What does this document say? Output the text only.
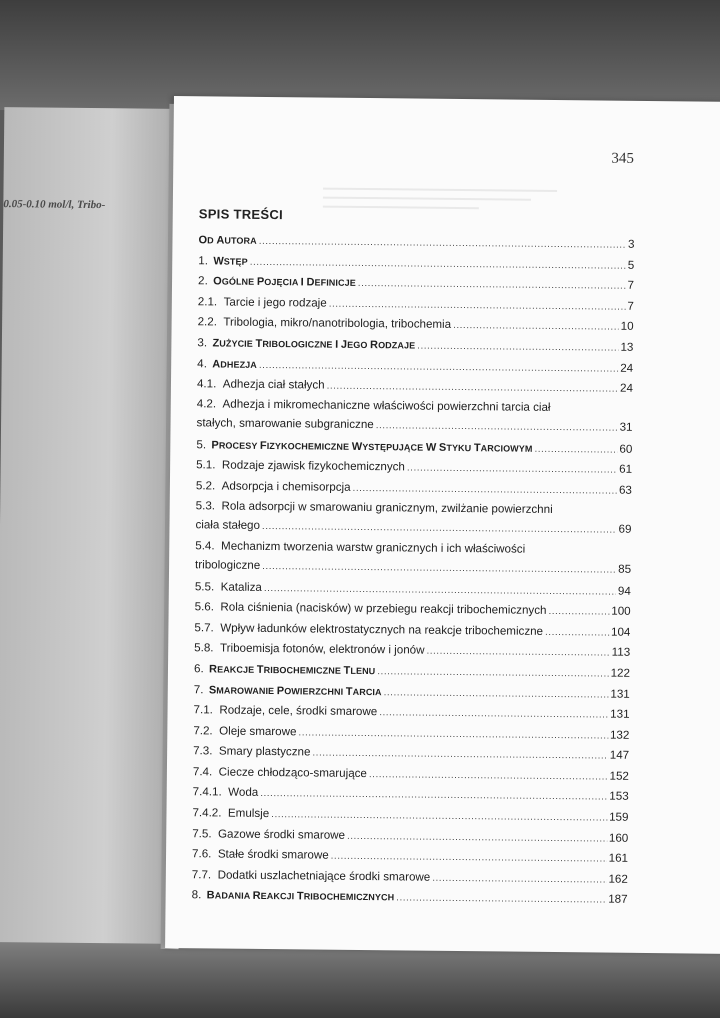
0.05-0.10 mol/l, Tribo-
345
SPIS TREŚCI
OD AUTORA .....	3
1. WSTĘP .....	5
2. OGÓLNE POJĘCIA I DEFINICJE .....	7
2.1. Tarcie i jego rodzaje .....	7
2.2. Tribologia, mikro/nanotribologia, tribochemia .....	10
3. ZUŻYCIE TRIBOLOGICZNE I JEGO RODZAJE .....	13
4. ADHEZJA .....	24
4.1. Adhezja ciał stałych .....	24
4.2. Adhezja i mikromechaniczne właściwości powierzchni tarcia ciał
stałych, smarowanie subgraniczne .....	31
5. PROCESY FIZYKOCHEMICZNE WYSTĘPUJĄCE W STYKU TARCIOWYM .....	60
5.1. Rodzaje zjawisk fizykochemicznych .....	61
5.2. Adsorpcja i chemisorpcja .....	63
5.3. Rola adsorpcji w smarowaniu granicznym, zwilżanie powierzchni
ciała stałego .....	69
5.4. Mechanizm tworzenia warstw granicznych i ich właściwości
tribologiczne .....	85
5.5. Kataliza .....	94
5.6. Rola ciśnienia (nacisków) w przebiegu reakcji tribochemicznych .....	100
5.7. Wpływ ładunków elektrostatycznych na reakcje tribochemiczne .....	104
5.8. Triboemisja fotonów, elektronów i jonów .....	113
6. REAKCJE TRIBOCHEMICZNE TLENU .....	122
7. SMAROWANIE POWIERZCHNI TARCIA .....	131
7.1. Rodzaje, cele, środki smarowe .....	131
7.2. Oleje smarowe .....	132
7.3. Smary plastyczne .....	147
7.4. Ciecze chłodząco-smarujące .....	152
7.4.1. Woda .....	153
7.4.2. Emulsje .....	159
7.5. Gazowe środki smarowe .....	160
7.6. Stałe środki smarowe .....	161
7.7. Dodatki uszlachetniające środki smarowe .....	162
8. BADANIA REAKCJI TRIBOCHEMICZNYCH .....	187
